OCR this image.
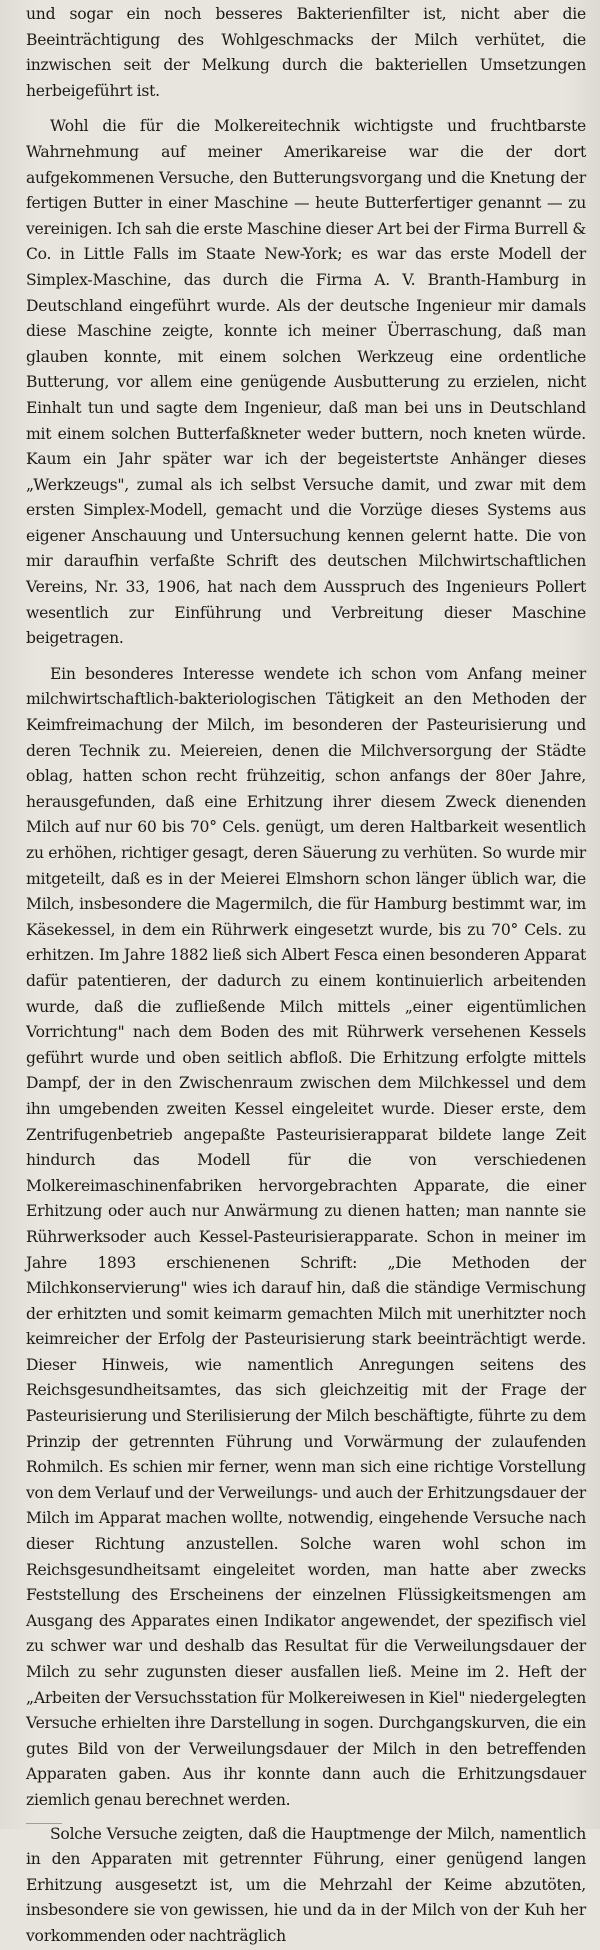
und sogar ein noch besseres Bakterienfilter ist, nicht aber die Beeinträchtigung des Wohlgeschmacks der Milch verhütet, die inzwischen seit der Melkung durch die bakteriellen Umsetzungen herbeigeführt ist.

Wohl die für die Molkereitechnik wichtigste und fruchtbarste Wahrnehmung auf meiner Amerikareise war die der dort aufgekommenen Versuche, den Butterungsvorgang und die Knetung der fertigen Butter in einer Maschine — heute Butterfertiger genannt — zu vereinigen. Ich sah die erste Maschine dieser Art bei der Firma Burrell & Co. in Little Falls im Staate New-York; es war das erste Modell der Simplex-Maschine, das durch die Firma A. V. Branth-Hamburg in Deutschland eingeführt wurde. Als der deutsche Ingenieur mir damals diese Maschine zeigte, konnte ich meiner Überraschung, daß man glauben konnte, mit einem solchen Werkzeug eine ordentliche Butterung, vor allem eine genügende Ausbutterung zu erzielen, nicht Einhalt tun und sagte dem Ingenieur, daß man bei uns in Deutschland mit einem solchen Butterfaßkneter weder buttern, noch kneten würde. Kaum ein Jahr später war ich der begeistertste Anhänger dieses „Werkzeugs", zumal als ich selbst Versuche damit, und zwar mit dem ersten Simplex-Modell, gemacht und die Vorzüge dieses Systems aus eigener Anschauung und Untersuchung kennen gelernt hatte. Die von mir daraufhin verfaßte Schrift des deutschen Milchwirtschaftlichen Vereins, Nr. 33, 1906, hat nach dem Ausspruch des Ingenieurs Pollert wesentlich zur Einführung und Verbreitung dieser Maschine beigetragen.

Ein besonderes Interesse wendete ich schon vom Anfang meiner milchwirtschaftlich-bakteriologischen Tätigkeit an den Methoden der Keimfreimachung der Milch, im besonderen der Pasteurisierung und deren Technik zu. Meiereien, denen die Milchversorgung der Städte oblag, hatten schon recht frühzeitig, schon anfangs der 80er Jahre, herausgefunden, daß eine Erhitzung ihrer diesem Zweck dienenden Milch auf nur 60 bis 70° Cels. genügt, um deren Haltbarkeit wesentlich zu erhöhen, richtiger gesagt, deren Säuerung zu verhüten. So wurde mir mitgeteilt, daß es in der Meierei Elmshorn schon länger üblich war, die Milch, insbesondere die Magermilch, die für Hamburg bestimmt war, im Käsekessel, in dem ein Rührwerk eingesetzt wurde, bis zu 70° Cels. zu erhitzen. Im Jahre 1882 ließ sich Albert Fesca einen besonderen Apparat dafür patentieren, der dadurch zu einem kontinuierlich arbeitenden wurde, daß die zufließende Milch mittels „einer eigentümlichen Vorrichtung" nach dem Boden des mit Rührwerk versehenen Kessels geführt wurde und oben seitlich abfloß. Die Erhitzung erfolgte mittels Dampf, der in den Zwischenraum zwischen dem Milchkessel und dem ihn umgebenden zweiten Kessel eingeleitet wurde. Dieser erste, dem Zentrifugenbetrieb angepaßte Pasteurisierapparat bildete lange Zeit hindurch das Modell für die von verschiedenen Molkereimaschinenfabriken hervorgebrachten Apparate, die einer Erhitzung oder auch nur Anwärmung zu dienen hatten; man nannte sie Rührwerksoder auch Kessel-Pasteurisierapparate. Schon in meiner im Jahre 1893 erschienenen Schrift: „Die Methoden der Milchkonservierung" wies ich darauf hin, daß die ständige Vermischung der erhitzten und somit keimarm gemachten Milch mit unerhitzter noch keimreicher der Erfolg der Pasteurisierung stark beeinträchtigt werde. Dieser Hinweis, wie namentlich Anregungen seitens des Reichsgesundheitsamtes, das sich gleichzeitig mit der Frage der Pasteurisierung und Sterilisierung der Milch beschäftigte, führte zu dem Prinzip der getrennten Führung und Vorwärmung der zulaufenden Rohmilch. Es schien mir ferner, wenn man sich eine richtige Vorstellung von dem Verlauf und der Verweilungs- und auch der Erhitzungsdauer der Milch im Apparat machen wollte, notwendig, eingehende Versuche nach dieser Richtung anzustellen. Solche waren wohl schon im Reichsgesundheitsamt eingeleitet worden, man hatte aber zwecks Feststellung des Erscheinens der einzelnen Flüssigkeitsmengen am Ausgang des Apparates einen Indikator angewendet, der spezifisch viel zu schwer war und deshalb das Resultat für die Verweilungsdauer der Milch zu sehr zugunsten dieser ausfallen ließ. Meine im 2. Heft der „Arbeiten der Versuchsstation für Molkereiwesen in Kiel" niedergelegten Versuche erhielten ihre Darstellung in sogen. Durchgangskurven, die ein gutes Bild von der Verweilungsdauer der Milch in den betreffenden Apparaten gaben. Aus ihr konnte dann auch die Erhitzungsdauer ziemlich genau berechnet werden.

Solche Versuche zeigten, daß die Hauptmenge der Milch, namentlich in den Apparaten mit getrennter Führung, einer genügend langen Erhitzung ausgesetzt ist, um die Mehrzahl der Keime abzutöten, insbesondere sie von gewissen, hie und da in der Milch von der Kuh her vorkommenden oder nachträglich
